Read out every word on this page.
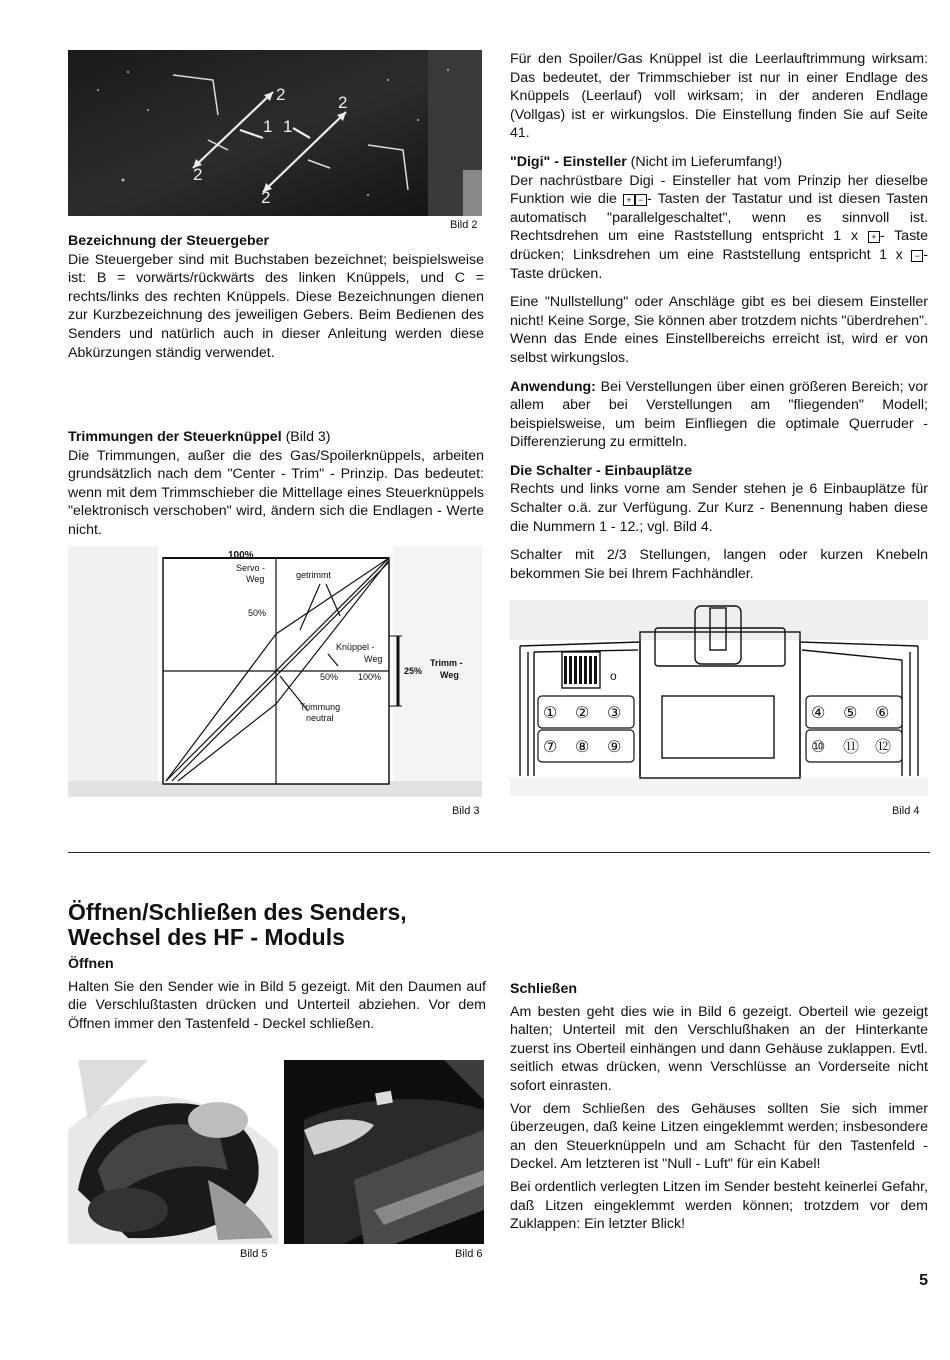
2	2
1 1
2
2
Bild 2
Bezeichnung der Steuergeber

Die Steuergeber sind mit Buchstaben bezeichnet; beispielsweise ist: B = vorwärts/rückwärts des linken Knüppels, und C = rechts/links des rechten Knüppels. Diese Bezeichnungen dienen zur Kurzbezeichnung des jeweiligen Gebers. Beim Bedienen des Senders und natürlich auch in dieser Anleitung werden diese Abkürzungen ständig verwendet.

Trimmungen der Steuerknüppel (Bild 3)

Die Trimmungen, außer die des Gas/Spoilerknüppels, arbeiten grundsätzlich nach dem "Center - Trim" - Prinzip. Das bedeutet: wenn mit dem Trimmschieber die Mittellage eines Steuerknüppels "elektronisch verschoben" wird, ändern sich die Endlagen - Werte nicht.

100%
Servo -
Weg	getrimmt
50%
Knüppel -
Weg
50% 100%
25%
Trimm -
Weg
Trimmung
neutral
Bild 3

Für den Spoiler/Gas Knüppel ist die Leerlauftrimmung wirksam: Das bedeutet, der Trimmschieber ist nur in einer Endlage des Knüppels (Leerlauf) voll wirksam; in der anderen Endlage (Vollgas) ist er wirkungslos. Die Einstellung finden Sie auf Seite 41.

"Digi" - Einsteller (Nicht im Lieferumfang!)

Der nachrüstbare Digi - Einsteller hat vom Prinzip her dieselbe Funktion wie die + − - Tasten der Tastatur und ist diesen Tasten automatisch "parallelgeschaltet", wenn es sinnvoll ist. Rechtsdrehen um eine Raststellung entspricht 1 x + - Taste drücken; Linksdrehen um eine Raststellung entspricht 1 x − - Taste drücken.

Eine "Nullstellung" oder Anschläge gibt es bei diesem Einsteller nicht! Keine Sorge, Sie können aber trotzdem nichts "überdrehen". Wenn das Ende eines Einstellbereichs erreicht ist, wird er von selbst wirkungslos.

Anwendung: Bei Verstellungen über einen größeren Bereich; vor allem aber bei Verstellungen am "fliegenden" Modell; beispielsweise, um beim Einfliegen die optimale Querruder - Differenzierung zu ermitteln.

Die Schalter - Einbauplätze

Rechts und links vorne am Sender stehen je 6 Einbauplätze für Schalter o.ä. zur Verfügung. Zur Kurz - Benennung haben diese die Nummern 1 - 12.; vgl. Bild 4.

Schalter mit 2/3 Stellungen, langen oder kurzen Knebeln bekommen Sie bei Ihrem Fachhändler.

o
① ② ③
⑦ ⑧ ⑨
④ ⑤ ⑥
⑩ ⑪ ⑫
Bild 4
Öffnen/Schließen des Senders,
Wechsel des HF - Moduls
Öffnen

Halten Sie den Sender wie in Bild 5 gezeigt. Mit den Daumen auf die Verschlußtasten drücken und Unterteil abziehen. Vor dem Öffnen immer den Tastenfeld - Deckel schließen.

Bild 5	Bild 6
Schließen

Am besten geht dies wie in Bild 6 gezeigt. Oberteil wie gezeigt halten; Unterteil mit den Verschlußhaken an der Hinterkante zuerst ins Oberteil einhängen und dann Gehäuse zuklappen. Evtl. seitlich etwas drücken, wenn Verschlüsse an Vorderseite nicht sofort einrasten.

Vor dem Schließen des Gehäuses sollten Sie sich immer überzeugen, daß keine Litzen eingeklemmt werden; insbesondere an den Steuerknüppeln und am Schacht für den Tastenfeld - Deckel. Am letzteren ist "Null - Luft" für ein Kabel!

Bei ordentlich verlegten Litzen im Sender besteht keinerlei Gefahr, daß Litzen eingeklemmt werden können; trotzdem vor dem Zuklappen: Ein letzter Blick!

5
